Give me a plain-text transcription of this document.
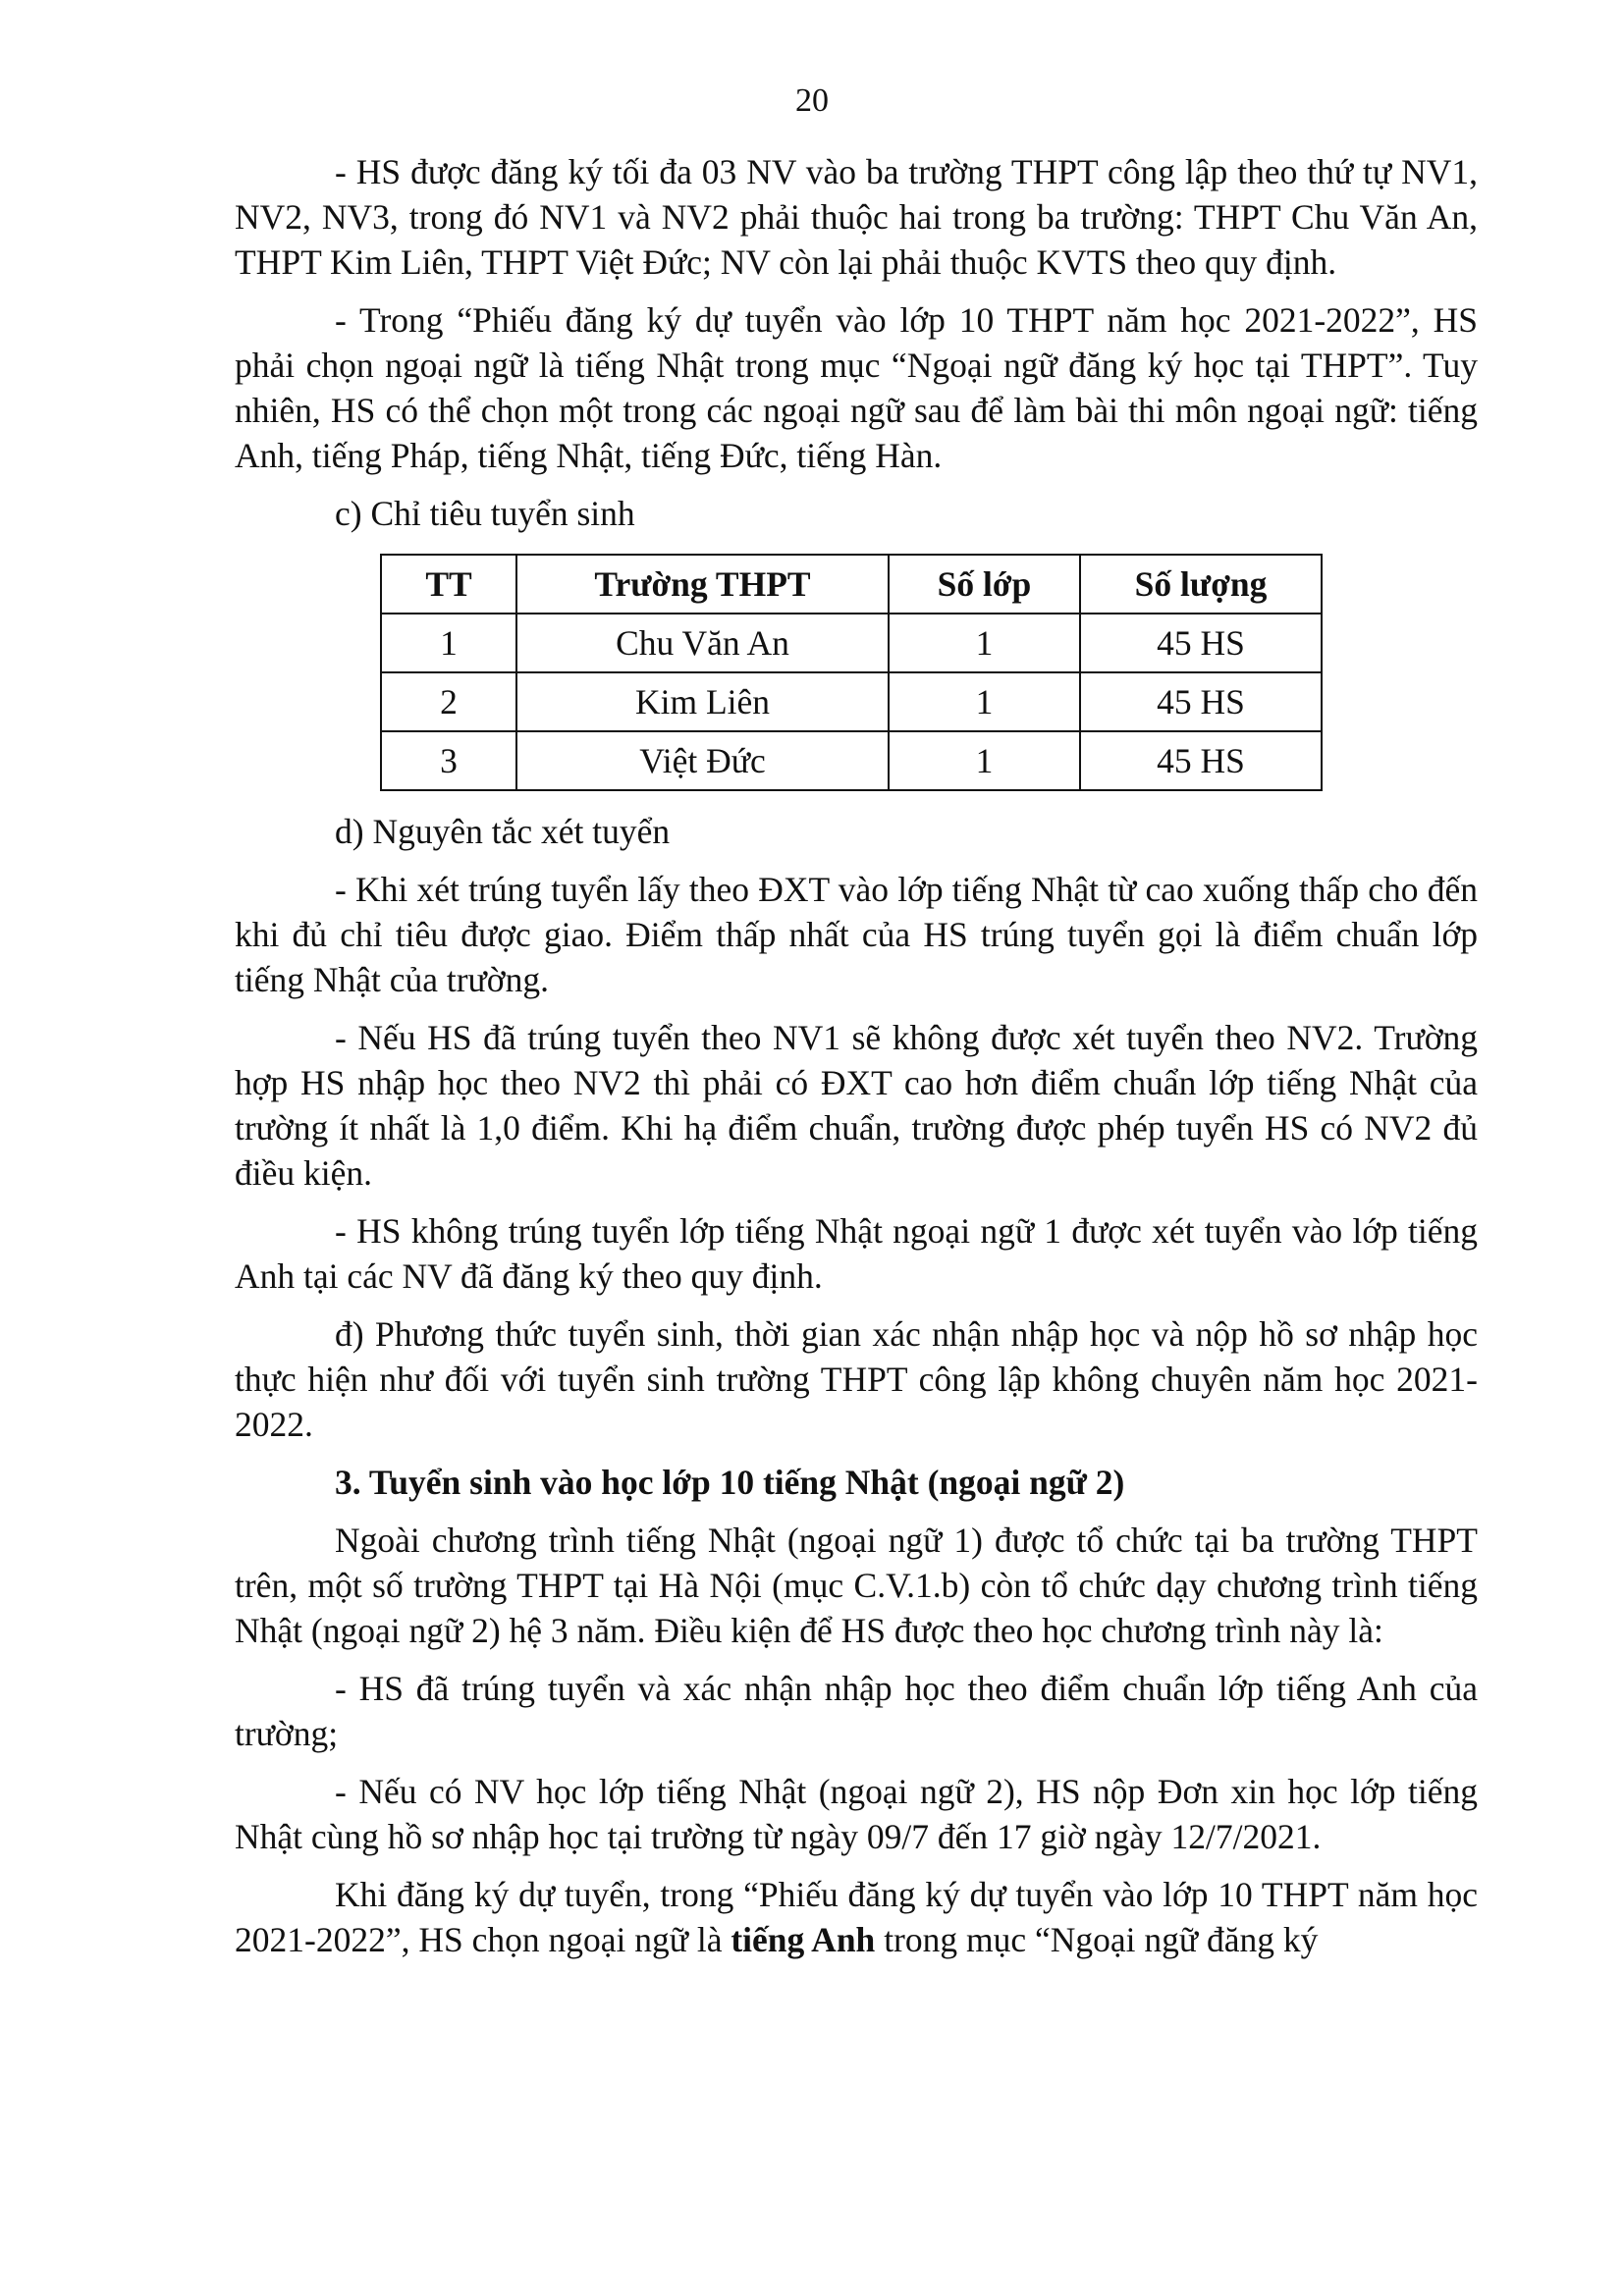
20

- HS được đăng ký tối đa 03 NV vào ba trường THPT công lập theo thứ tự NV1, NV2, NV3, trong đó NV1 và NV2 phải thuộc hai trong ba trường: THPT Chu Văn An, THPT Kim Liên, THPT Việt Đức; NV còn lại phải thuộc KVTS theo quy định.

- Trong “Phiếu đăng ký dự tuyển vào lớp 10 THPT năm học 2021-2022”, HS phải chọn ngoại ngữ là tiếng Nhật trong mục “Ngoại ngữ đăng ký học tại THPT”. Tuy nhiên, HS có thể chọn một trong các ngoại ngữ sau để làm bài thi môn ngoại ngữ: tiếng Anh, tiếng Pháp, tiếng Nhật, tiếng Đức, tiếng Hàn.

c) Chỉ tiêu tuyển sinh

TT	Trường THPT	Số lớp	Số lượng
1	Chu Văn An	1	45 HS
2	Kim Liên	1	45 HS
3	Việt Đức	1	45 HS

d) Nguyên tắc xét tuyển

- Khi xét trúng tuyển lấy theo ĐXT vào lớp tiếng Nhật từ cao xuống thấp cho đến khi đủ chỉ tiêu được giao. Điểm thấp nhất của HS trúng tuyển gọi là điểm chuẩn lớp tiếng Nhật của trường.

- Nếu HS đã trúng tuyển theo NV1 sẽ không được xét tuyển theo NV2. Trường hợp HS nhập học theo NV2 thì phải có ĐXT cao hơn điểm chuẩn lớp tiếng Nhật của trường ít nhất là 1,0 điểm. Khi hạ điểm chuẩn, trường được phép tuyển HS có NV2 đủ điều kiện.

- HS không trúng tuyển lớp tiếng Nhật ngoại ngữ 1 được xét tuyển vào lớp tiếng Anh tại các NV đã đăng ký theo quy định.

đ) Phương thức tuyển sinh, thời gian xác nhận nhập học và nộp hồ sơ nhập học thực hiện như đối với tuyển sinh trường THPT công lập không chuyên năm học 2021-2022.

3. Tuyển sinh vào học lớp 10 tiếng Nhật (ngoại ngữ 2)

Ngoài chương trình tiếng Nhật (ngoại ngữ 1) được tổ chức tại ba trường THPT trên, một số trường THPT tại Hà Nội (mục C.V.1.b) còn tổ chức dạy chương trình tiếng Nhật (ngoại ngữ 2) hệ 3 năm. Điều kiện để HS được theo học chương trình này là:

- HS đã trúng tuyển và xác nhận nhập học theo điểm chuẩn lớp tiếng Anh của trường;

- Nếu có NV học lớp tiếng Nhật (ngoại ngữ 2), HS nộp Đơn xin học lớp tiếng Nhật cùng hồ sơ nhập học tại trường từ ngày 09/7 đến 17 giờ ngày 12/7/2021.

Khi đăng ký dự tuyển, trong “Phiếu đăng ký dự tuyển vào lớp 10 THPT năm học 2021-2022”, HS chọn ngoại ngữ là tiếng Anh trong mục “Ngoại ngữ đăng ký
